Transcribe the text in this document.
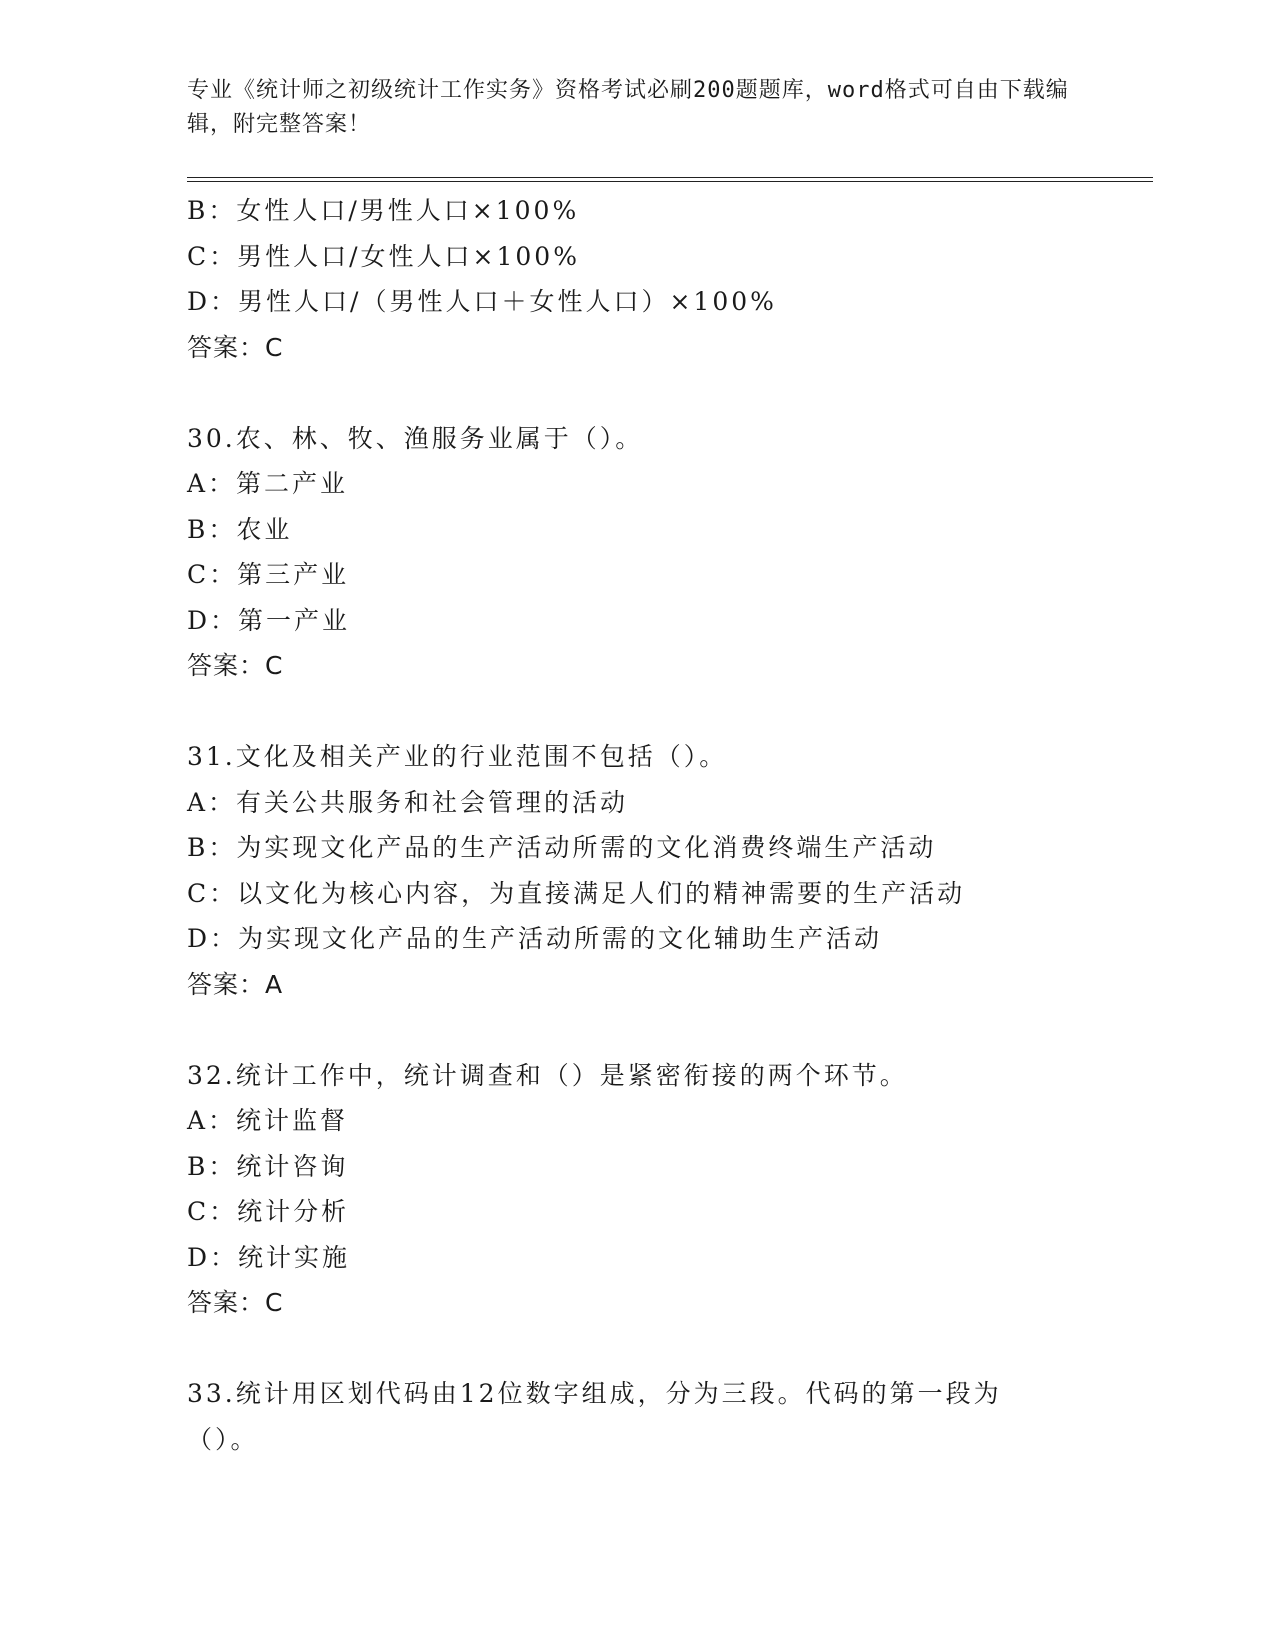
专业《统计师之初级统计工作实务》资格考试必刷200题题库，word格式可自由下载编辑，附完整答案！
B：女性人口/男性人口×100%
C：男性人口/女性人口×100%
D：男性人口/（男性人口＋女性人口）×100%
答案：C
30.农、林、牧、渔服务业属于（）。
A：第二产业
B：农业
C：第三产业
D：第一产业
答案：C
31.文化及相关产业的行业范围不包括（）。
A：有关公共服务和社会管理的活动
B：为实现文化产品的生产活动所需的文化消费终端生产活动
C：以文化为核心内容，为直接满足人们的精神需要的生产活动
D：为实现文化产品的生产活动所需的文化辅助生产活动
答案：A
32.统计工作中，统计调查和（）是紧密衔接的两个环节。
A：统计监督
B：统计咨询
C：统计分析
D：统计实施
答案：C
33.统计用区划代码由12位数字组成，分为三段。代码的第一段为（）。
